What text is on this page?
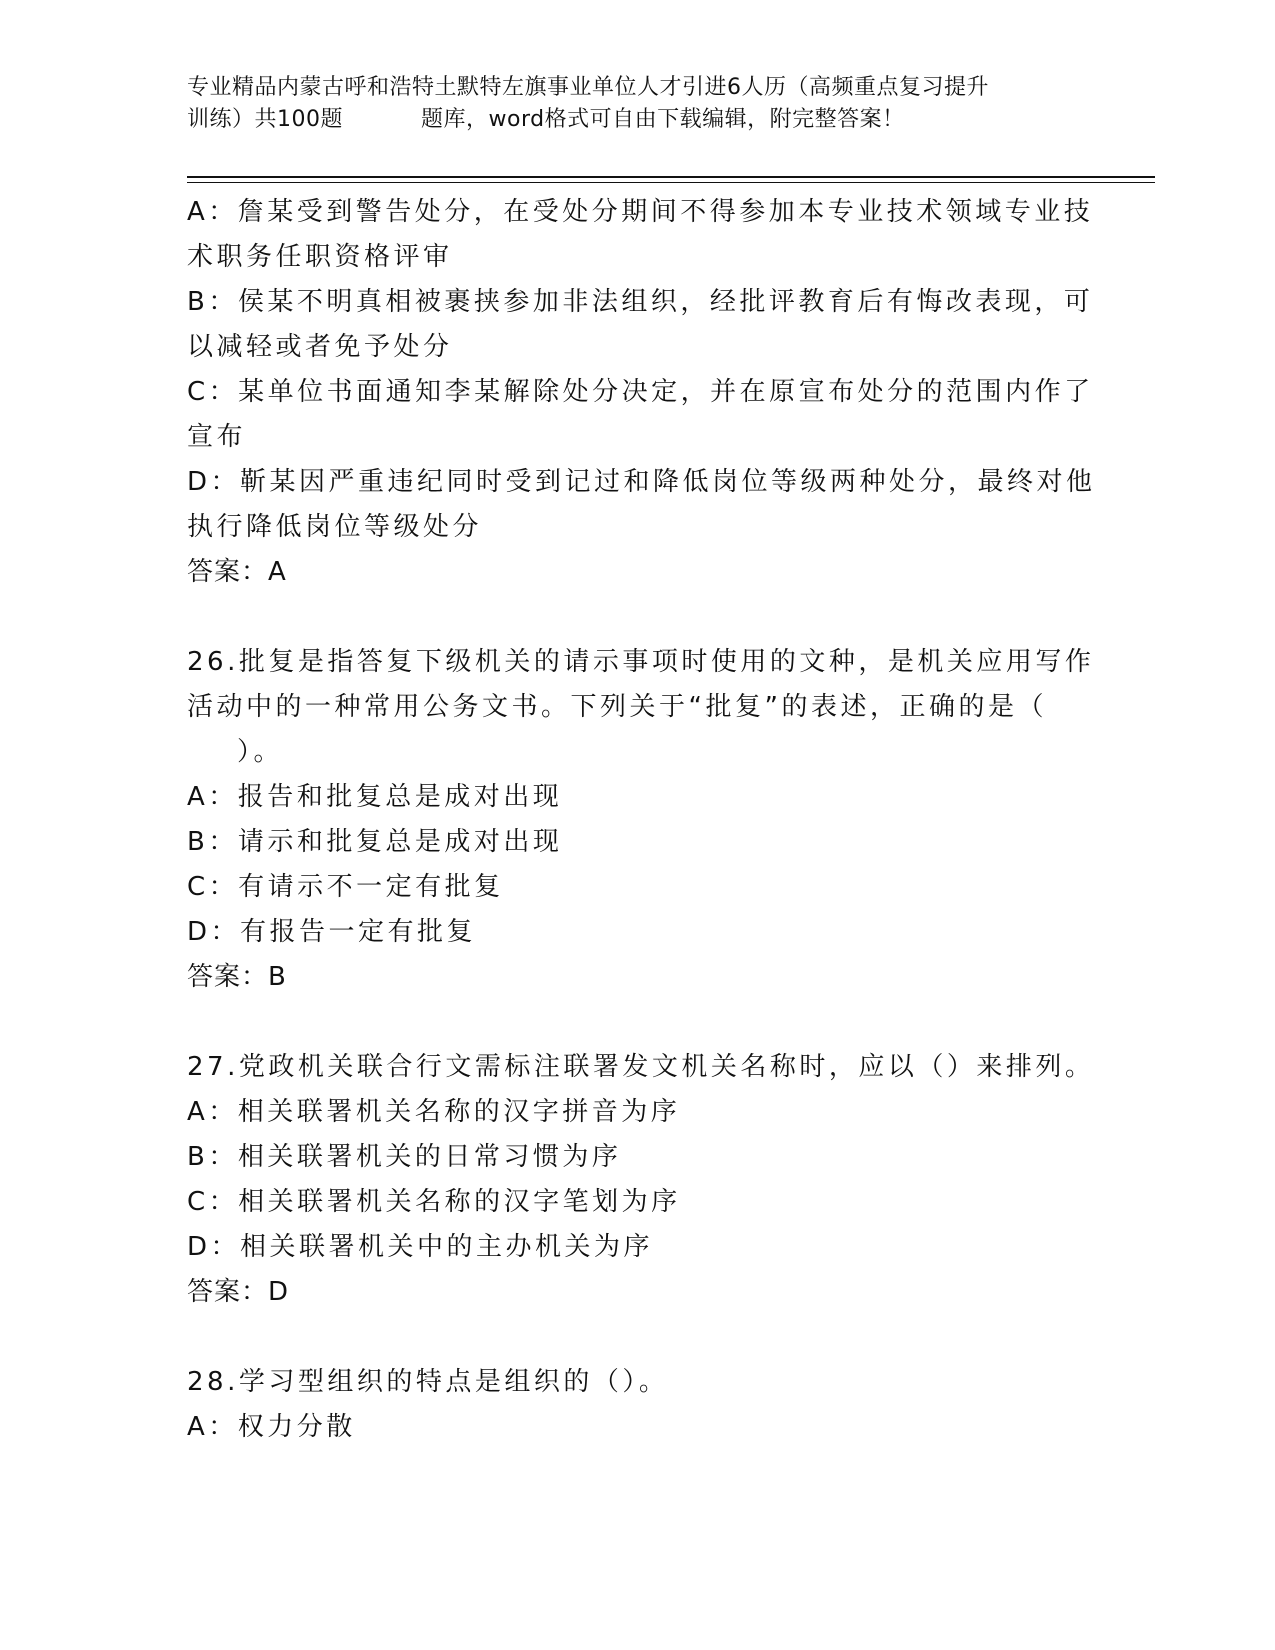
专业精品内蒙古呼和浩特土默特左旗事业单位人才引进6人历（高频重点复习提升
训练）共100题	题库，word格式可自由下载编辑，附完整答案！
A：詹某受到警告处分，在受处分期间不得参加本专业技术领域专业技
术职务任职资格评审
B：侯某不明真相被裹挟参加非法组织，经批评教育后有悔改表现，可
以减轻或者免予处分
C：某单位书面通知李某解除处分决定，并在原宣布处分的范围内作了
宣布
D：靳某因严重违纪同时受到记过和降低岗位等级两种处分，最终对他
执行降低岗位等级处分
答案：A
26.批复是指答复下级机关的请示事项时使用的文种，是机关应用写作
活动中的一种常用公务文书。下列关于“批复”的表述，正确的是（
）。
A：报告和批复总是成对出现
B：请示和批复总是成对出现
C：有请示不一定有批复
D：有报告一定有批复
答案：B
27.党政机关联合行文需标注联署发文机关名称时，应以（）来排列。
A：相关联署机关名称的汉字拼音为序
B：相关联署机关的日常习惯为序
C：相关联署机关名称的汉字笔划为序
D：相关联署机关中的主办机关为序
答案：D
28.学习型组织的特点是组织的（）。
A：权力分散
